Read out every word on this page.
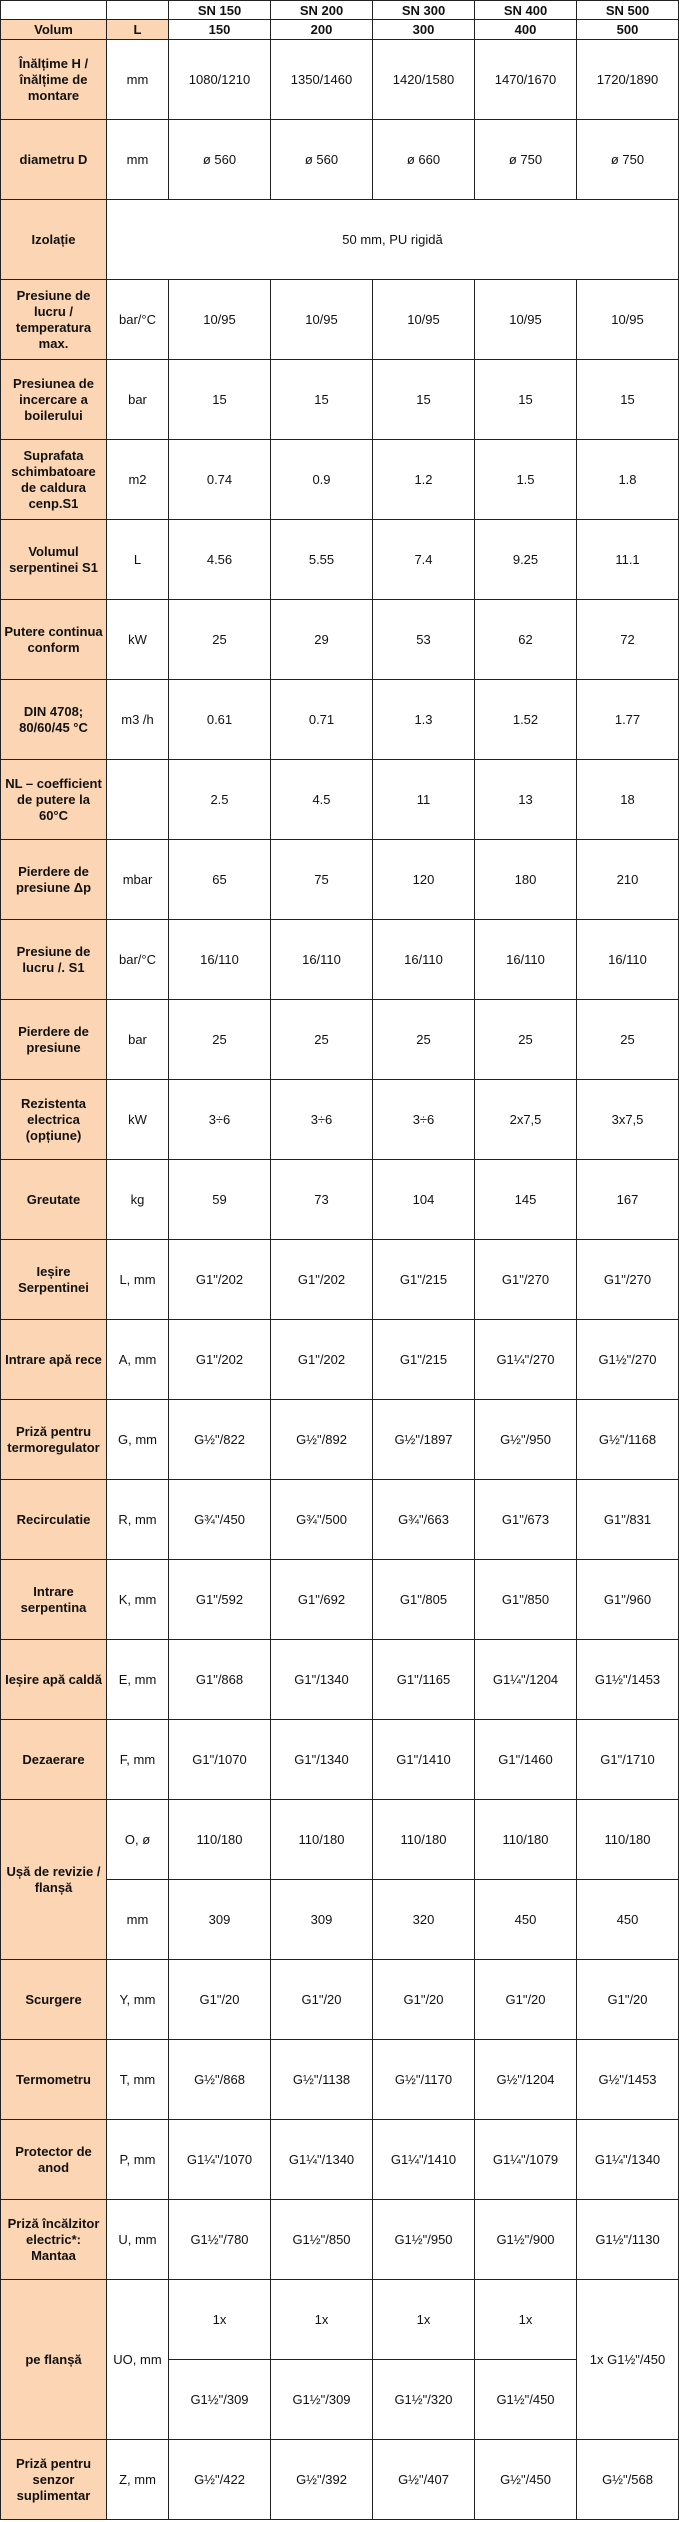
		SN 150	SN 200	SN 300	SN 400	SN 500
Volum	L	150	200	300	400	500
Înălțime H /înălțime de montare	mm	1080/1210	1350/1460	1420/1580	1470/1670	1720/1890
diametru D	mm	ø 560	ø 560	ø 660	ø 750	ø 750
Izolație	50 mm, PU rigidă					
Presiune de lucru / temperatura max.	bar/°C	10/95	10/95	10/95	10/95	10/95
Presiunea de incercare a boilerului	bar	15	15	15	15	15
Suprafata schimbatoare de caldura cenp.S1	m2	0.74	0.9	1.2	1.5	1.8
Volumul serpentinei S1	L	4.56	5.55	7.4	9.25	11.1
Putere continua conform	kW	25	29	53	62	72
DIN 4708; 80/60/45 °C	m3 /h	0.61	0.71	1.3	1.52	1.77
NL – coefficient de putere la 60°C		2.5	4.5	11	13	18
Pierdere de presiune Δp	mbar	65	75	120	180	210
Presiune de lucru /. S1	bar/°C	16/110	16/110	16/110	16/110	16/110
Pierdere de presiune	bar	25	25	25	25	25
Rezistenta electrica (opțiune)	kW	3÷6	3÷6	3÷6	2x7,5	3x7,5
Greutate	kg	59	73	104	145	167
Ieșire Serpentinei	L, mm	G1"/202	G1"/202	G1"/215	G1"/270	G1"/270
Intrare apă rece	A, mm	G1"/202	G1"/202	G1"/215	G1¼"/270	G1½"/270
Priză pentru termoregulator	G, mm	G½"/822	G½"/892	G½"/1897	G½"/950	G½"/1168
Recirculatie	R, mm	G¾"/450	G¾"/500	G¾"/663	G1"/673	G1"/831
Intrare serpentina	K, mm	G1"/592	G1"/692	G1"/805	G1"/850	G1"/960
Ieșire apă caldă	E, mm	G1"/868	G1"/1340	G1"/1165	G1¼"/1204	G1½"/1453
Dezaerare	F, mm	G1"/1070	G1"/1340	G1"/1410	G1"/1460	G1"/1710
Ușă de revizie / flanșă	O, ø	110/180	110/180	110/180	110/180	110/180
	mm	309	309	320	450	450
Scurgere	Y, mm	G1"/20	G1"/20	G1"/20	G1"/20	G1"/20
Termometru	T, mm	G½"/868	G½"/1138	G½"/1170	G½"/1204	G½"/1453
Protector de anod	P, mm	G1¼"/1070	G1¼"/1340	G1¼"/1410	G1¼"/1079	G1¼"/1340
Priză încălzitor electric*: Mantaa	U, mm	G1½"/780	G1½"/850	G1½"/950	G1½"/900	G1½"/1130
pe flanșă	UO, mm	1x	1x	1x	1x	1x G1½"/450
		G1½"/309	G1½"/309	G1½"/320	G1½"/450	
Priză pentru senzor suplimentar	Z, mm	G½"/422	G½"/392	G½"/407	G½"/450	G½"/568
